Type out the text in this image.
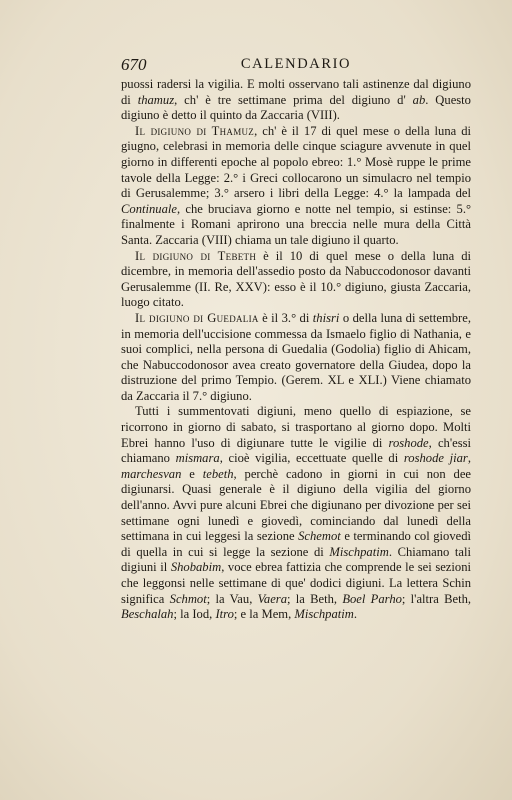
670	CALENDARIO

puossi radersi la vigilia. E molti osservano tali astinenze dal digiuno di thamuz, ch' è tre settimane prima del digiuno d' ab. Questo digiuno è detto il quinto da Zaccaria (VIII).

Il digiuno di Thamuz, ch' è il 17 di quel mese o della luna di giugno, celebrasi in memoria delle cinque sciagure avvenute in quel giorno in differenti epoche al popolo ebreo: 1.° Mosè ruppe le prime tavole della Legge: 2.° i Greci collocarono un simulacro nel tempio di Gerusalemme; 3.° arsero i libri della Legge: 4.° la lampada del Continuale, che bruciava giorno e notte nel tempio, si estinse: 5.° finalmente i Romani aprirono una breccia nelle mura della Città Santa. Zaccaria (VIII) chiama un tale digiuno il quarto.

Il digiuno di Tebeth è il 10 di quel mese o della luna di dicembre, in memoria dell'assedio posto da Nabuccodonosor davanti Gerusalemme (II. Re, XXV): esso è il 10.° digiuno, giusta Zaccaria, luogo citato.

Il digiuno di Guedalia è il 3.° di thisri o della luna di settembre, in memoria dell'uccisione commessa da Ismaelo figlio di Nathania, e suoi complici, nella persona di Guedalia (Godolia) figlio di Ahicam, che Nabuccodonosor avea creato governatore della Giudea, dopo la distruzione del primo Tempio. (Gerem. XL e XLI.) Viene chiamato da Zaccaria il 7.° digiuno.

Tutti i summentovati digiuni, meno quello di espiazione, se ricorrono in giorno di sabato, si trasportano al giorno dopo. Molti Ebrei hanno l'uso di digiunare tutte le vigilie di roshode, ch'essi chiamano mismara, cioè vigilia, eccettuate quelle di roshode jiar, marchesvan e tebeth, perchè cadono in giorni in cui non dee digiunarsi. Quasi generale è il digiuno della vigilia del giorno dell'anno. Avvi pure alcuni Ebrei che digiunano per divozione per sei settimane ogni lunedì e giovedì, cominciando dal lunedì della settimana in cui leggesi la sezione Schemot e terminando col giovedì di quella in cui si legge la sezione di Mischpatim. Chiamano tali digiuni il Shobabim, voce ebrea fattizia che comprende le sei sezioni che leggonsi nelle settimane di que' dodici digiuni. La lettera Schin significa Schmot; la Vau, Vaera; la Beth, Boel Parho; l'altra Beth, Beschalah; la Iod, Itro; e la Mem, Mischpatim.
